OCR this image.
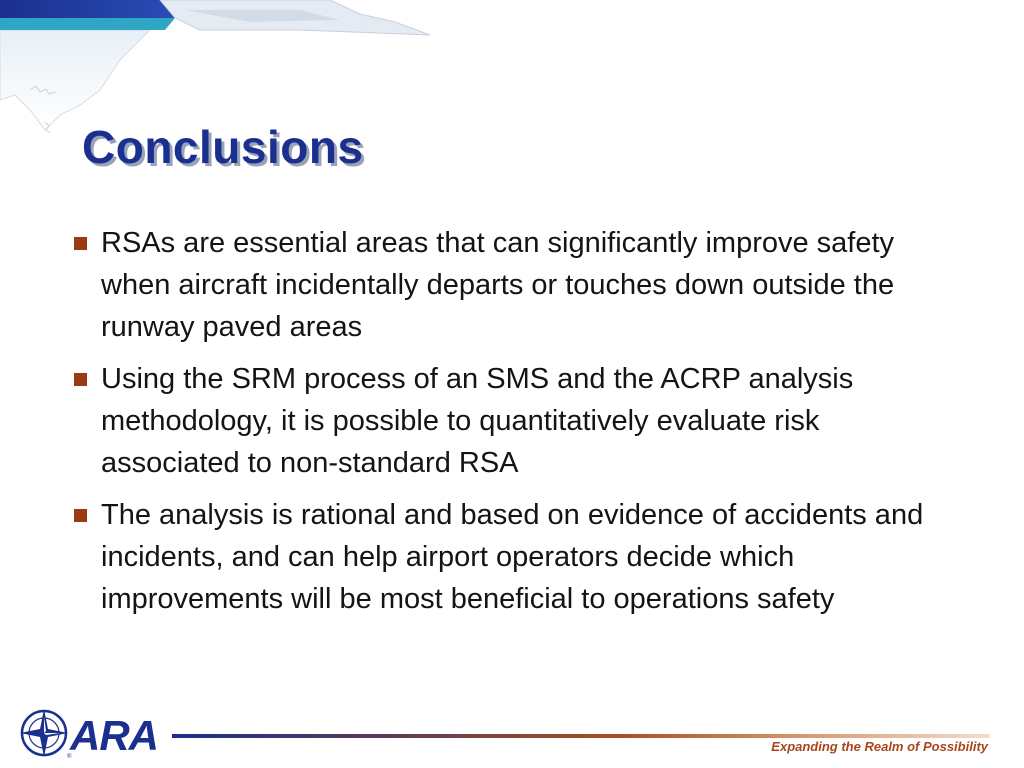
Conclusions
RSAs are essential areas that can significantly improve safety when aircraft incidentally departs or touches down outside the runway paved areas
Using the SRM process of an SMS and the ACRP analysis methodology, it is possible to quantitatively evaluate risk associated to non-standard RSA
The analysis is rational and based on evidence of accidents and incidents, and can help airport operators decide which improvements will be most beneficial to operations safety
ARA
®
Expanding the Realm of Possibility
